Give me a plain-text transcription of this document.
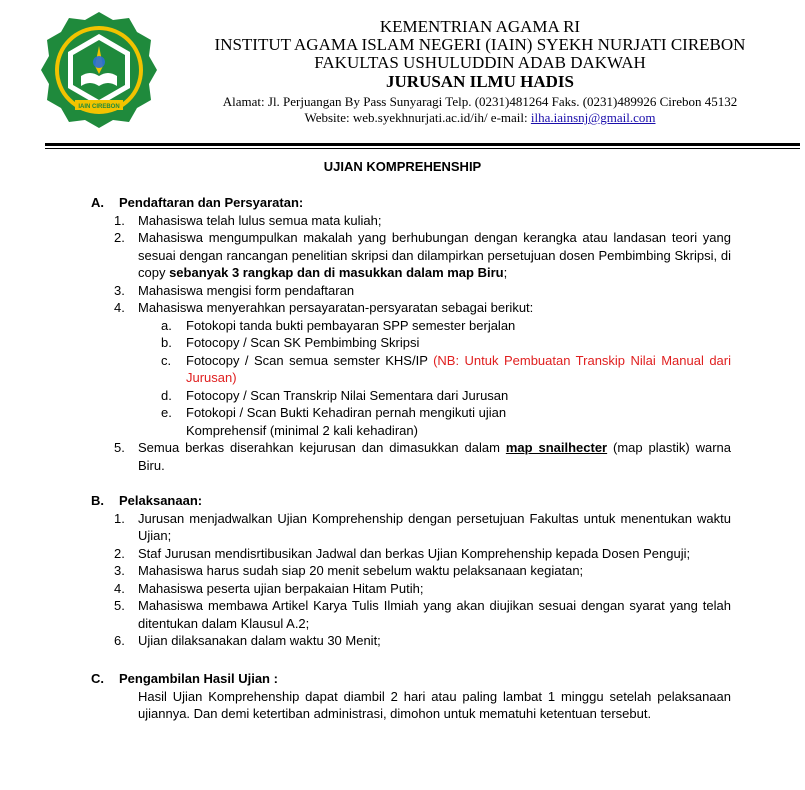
IAIN CIREBON
KEMENTRIAN AGAMA RI
INSTITUT AGAMA ISLAM NEGERI (IAIN) SYEKH NURJATI CIREBON
FAKULTAS USHULUDDIN ADAB DAKWAH
JURUSAN ILMU HADIS
Alamat: Jl. Perjuangan By Pass Sunyaragi Telp. (0231)481264 Faks. (0231)489926 Cirebon 45132
Website: web.syekhnurjati.ac.id/ih/ e-mail: ilha.iainsnj@gmail.com
UJIAN KOMPREHENSHIP
A. Pendaftaran dan Persyaratan:
1. Mahasiswa telah lulus semua mata kuliah;
2. Mahasiswa mengumpulkan makalah yang berhubungan dengan kerangka atau landasan teori yang sesuai dengan rancangan penelitian skripsi dan dilampirkan persetujuan dosen Pembimbing Skripsi, di copy sebanyak 3 rangkap dan di masukkan dalam map Biru;
3. Mahasiswa mengisi form pendaftaran
4. Mahasiswa menyerahkan persayaratan-persyaratan sebagai berikut:
a. Fotokopi tanda bukti pembayaran SPP semester berjalan
b. Fotocopy / Scan SK Pembimbing Skripsi
c. Fotocopy / Scan semua semster KHS/IP (NB: Untuk Pembuatan Transkip Nilai Manual dari Jurusan)
d. Fotocopy / Scan Transkrip Nilai Sementara dari Jurusan
e. Fotokopi / Scan Bukti Kehadiran pernah mengikuti ujian
Komprehensif (minimal 2 kali kehadiran)
5. Semua berkas diserahkan kejurusan dan dimasukkan dalam map snailhecter (map plastik) warna Biru.
B. Pelaksanaan:
1. Jurusan menjadwalkan Ujian Komprehenship dengan persetujuan Fakultas untuk menentukan waktu Ujian;
2. Staf Jurusan mendisrtibusikan Jadwal dan berkas Ujian Komprehenship kepada Dosen Penguji;
3. Mahasiswa harus sudah siap 20 menit sebelum waktu pelaksanaan kegiatan;
4. Mahasiswa peserta ujian berpakaian Hitam Putih;
5. Mahasiswa membawa Artikel Karya Tulis Ilmiah yang akan diujikan sesuai dengan syarat yang telah ditentukan dalam Klausul A.2;
6. Ujian dilaksanakan dalam waktu 30 Menit;
C. Pengambilan Hasil Ujian :
Hasil Ujian Komprehenship dapat diambil 2 hari atau paling lambat 1 minggu setelah pelaksanaan ujiannya. Dan demi ketertiban administrasi, dimohon untuk mematuhi ketentuan tersebut.
